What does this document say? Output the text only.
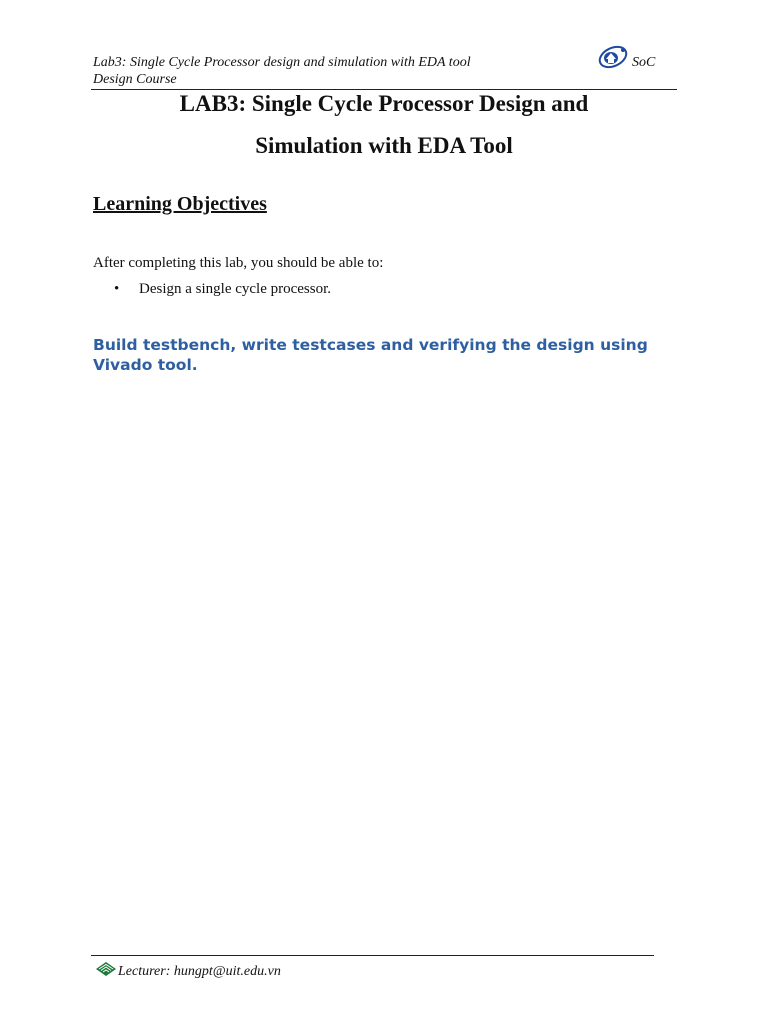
Lab3: Single Cycle Processor design and simulation with EDA tool
Design Course
SoC
LAB3: Single Cycle Processor Design and
Simulation with EDA Tool
Learning Objectives
After completing this lab, you should be able to:
• Design a single cycle processor.
Build testbench, write testcases and verifying the design using Vivado tool.
Lecturer: hungpt@uit.edu.vn
